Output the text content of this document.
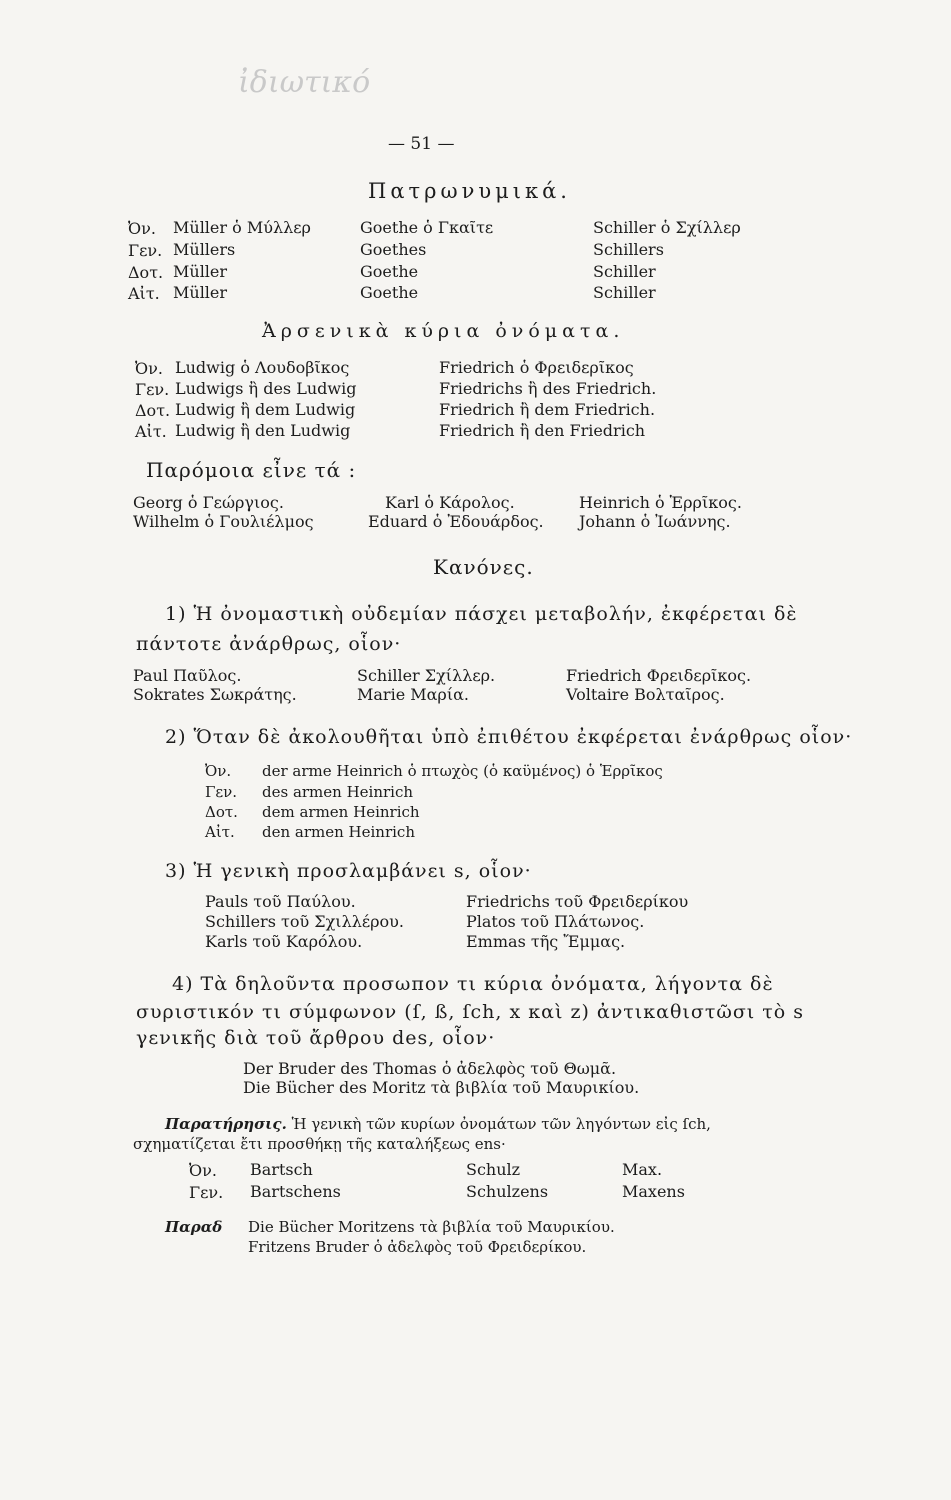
ἰδιωτικό
— 51 —
Πατρωνυμικά.
Ὀν. Müller ὁ Μύλλερ	Goethe ὁ Γκαῖτε	Schiller ὁ Σχίλλερ
Γεν. Müllers	Goethes	Schillers
Δοτ. Müller	Goethe	Schiller
Αἰτ. Müller	Goethe	Schiller
Ἀρσενικὰ κύρια ὀνόματα.
Ὀν. Ludwig ὁ Λουδοβῖκος	Friedrich ὁ Φρειδερῖκος
Γεν. Ludwigs ἢ des Ludwig	Friedrichs ἢ des Friedrich.
Δοτ. Ludwig ἢ dem Ludwig	Friedrich ἢ dem Friedrich.
Αἰτ. Ludwig ἢ den Ludwig	Friedrich ἢ den Friedrich
Παρόμοια εἶνε τά :
Georg ὁ Γεώργιος.	Karl ὁ Κάρολος.	Heinrich ὁ Ἑρρῖκος.
Wilhelm ὁ Γουλιέλμος	Eduard ὁ Ἐδουάρδος. Johann ὁ Ἰωάννης.
Κανόνες.
1) Ἡ ὀνομαστικὴ οὐδεμίαν πάσχει μεταβολήν, ἐκφέρεται δὲ
πάντοτε ἀνάρθρως, οἷον·
Paul Παῦλος.	Schiller Σχίλλερ.	Friedrich Φρειδερῖκος.
Sokrates Σωκράτης.	Marie Μαρία.	Voltaire Βολταῖρος.
2) Ὅταν δὲ ἀκολουθῆται ὑπὸ ἐπιθέτου ἐκφέρεται ἐνάρθρως οἷον·
Ὀν. der arme Heinrich ὁ πτωχὸς (ὁ καϋμένος) ὁ Ἑρρῖκος
Γεν. des armen Heinrich
Δοτ. dem armen Heinrich
Αἰτ. den armen Heinrich
3) Ἡ γενικὴ προσλαμβάνει s, οἷον·
Pauls τοῦ Παύλου.	Friedrichs τοῦ Φρειδερίκου
Schillers τοῦ Σχιλλέρου.	Platos τοῦ Πλάτωνος.
Karls τοῦ Καρόλου.	Emmas τῆς Ἔμμας.
4) Τὰ δηλοῦντα προσωπον τι κύρια ὀνόματα, λήγοντα δὲ
συριστικόν τι σύμφωνον (ſ, ß, ſch, x καὶ z) ἀντικαθιστῶσι τὸ s
γενικῆς διὰ τοῦ ἄρθρου des, οἷον·
Der Bruder des Thomas ὁ ἀδελφὸς τοῦ Θωμᾶ.
Die Bücher des Moritz τὰ βιβλία τοῦ Μαυρικίου.
Παρατήρησις. Ἡ γενικὴ τῶν κυρίων ὀνομάτων τῶν ληγόντων εἰς ſch,
σχηματίζεται ἔτι προσθήκῃ τῆς καταλήξεως ens·
Ὀν. Bartsch	Schulz	Max.
Γεν. Bartschens	Schulzens	Maxens
Παραδ Die Bücher Moritzens τὰ βιβλία τοῦ Μαυρικίου.
Fritzens Bruder ὁ ἀδελφὸς τοῦ Φρειδερίκου.
